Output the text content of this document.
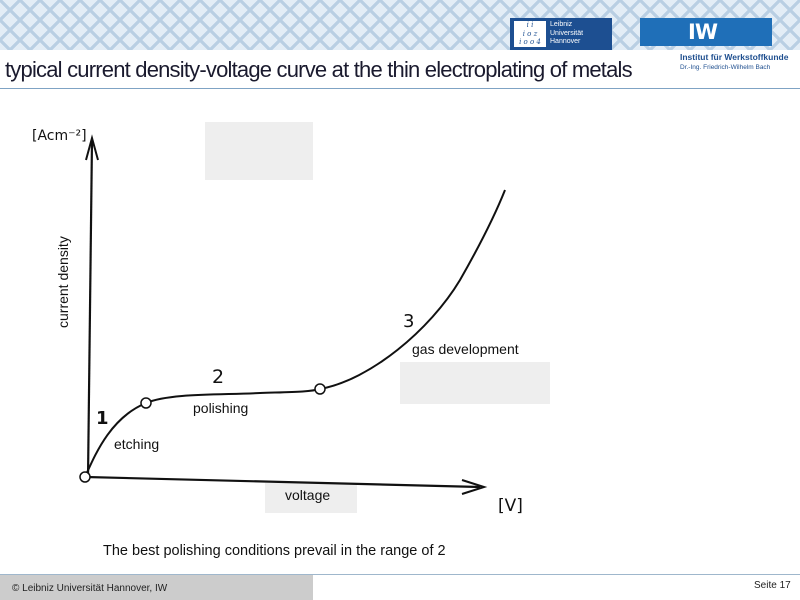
i i
i o z
i o o 4
Leibniz
Universität
Hannover	IW
Institut für Werkstoffkunde
Dr.-Ing. Friedrich-Wilhelm Bach
typical current density-voltage curve at the thin electroplating of metals
[Acm⁻²]
[V]
current density
voltage
1
etching
2
polishing
3
gas development
The best polishing conditions prevail in the range of 2
© Leibniz Universität Hannover, IW	Seite 17
